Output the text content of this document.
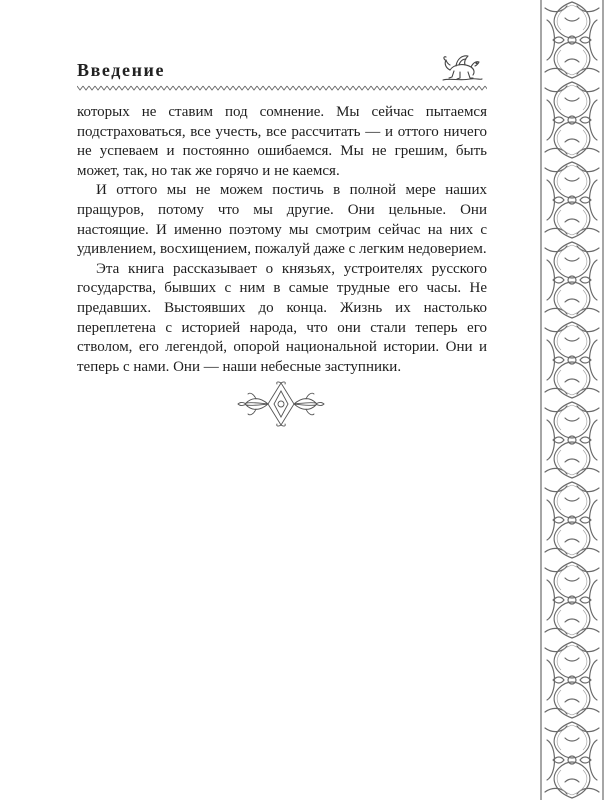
Введение

которых не ставим под сомнение. Мы сейчас пытаемся подстраховаться, все учесть, все рассчитать — и оттого ничего не успеваем и постоянно ошибаемся. Мы не грешим, быть может, так, но так же горячо и не каемся.

И оттого мы не можем постичь в полной мере наших пращуров, потому что мы другие. Они цельные. Они настоящие. И именно поэтому мы смотрим сейчас на них с удивлением, восхищением, пожалуй даже с легким недоверием.

Эта книга рассказывает о князьях, устроителях русского государства, бывших с ним в самые трудные его часы. Не предавших. Выстоявших до конца. Жизнь их настолько переплетена с историей народа, что они стали теперь его стволом, его легендой, опорой национальной истории. Они и теперь с нами. Они — наши небесные заступники.
